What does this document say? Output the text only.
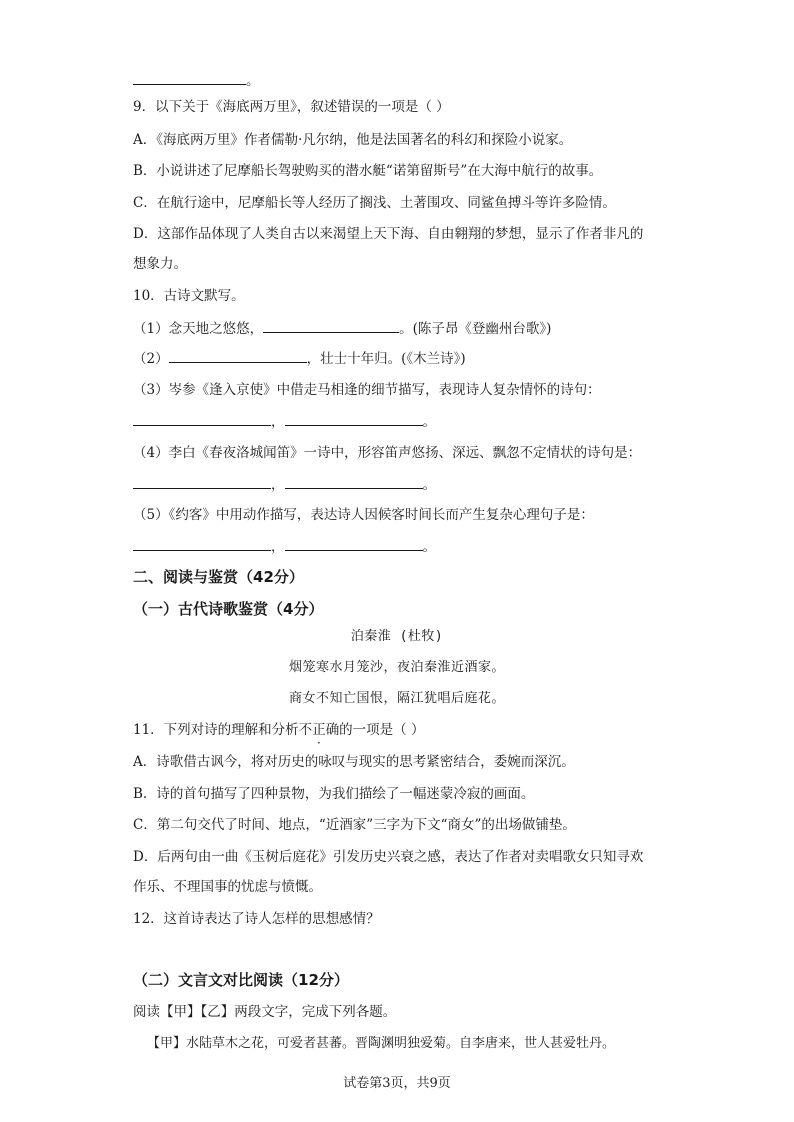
。
9．以下关于《海底两万里》，叙述错误的一项是（ ）
A．《海底两万里》作者儒勒·凡尔纳，他是法国著名的科幻和探险小说家。
B．小说讲述了尼摩船长驾驶购买的潜水艇“诺第留斯号”在大海中航行的故事。
C．在航行途中，尼摩船长等人经历了搁浅、土著围攻、同鲨鱼搏斗等许多险情。
D．这部作品体现了人类自古以来渴望上天下海、自由翱翔的梦想，显示了作者非凡的
想象力。
10．古诗文默写。
（1）念天地之悠悠，	。(陈子昂《登幽州台歌》)
（2）	，壮士十年归。(《木兰诗》)
（3）岑参《逢入京使》中借走马相逢的细节描写，表现诗人复杂情怀的诗句：
，	。
（4）李白《春夜洛城闻笛》一诗中，形容笛声悠扬、深远、飘忽不定情状的诗句是：
，	。
（5）《约客》中用动作描写，表达诗人因候客时间长而产生复杂心理句子是：
，	。
二、阅读与鉴赏（42分）
（一）古代诗歌鉴赏（4分）
泊秦淮 (杜牧)
烟笼寒水月笼沙，夜泊秦淮近酒家。
商女不知亡国恨，隔江犹唱后庭花。
11．下列对诗的理解和分析不正确的一项是（ ）
A．诗歌借古讽今，将对历史的咏叹与现实的思考紧密结合，委婉而深沉。
B．诗的首句描写了四种景物，为我们描绘了一幅迷蒙冷寂的画面。
C．第二句交代了时间、地点，“近酒家”三字为下文“商女”的出场做铺垫。
D．后两句由一曲《玉树后庭花》引发历史兴衰之感，表达了作者对卖唱歌女只知寻欢
作乐、不理国事的忧虑与愤慨。
12．这首诗表达了诗人怎样的思想感情？
（二）文言文对比阅读（12分）
阅读【甲】【乙】两段文字，完成下列各题。
【甲】水陆草木之花，可爱者甚蕃。晋陶渊明独爱菊。自李唐来，世人甚爱牡丹。
试卷第3页，共9页
